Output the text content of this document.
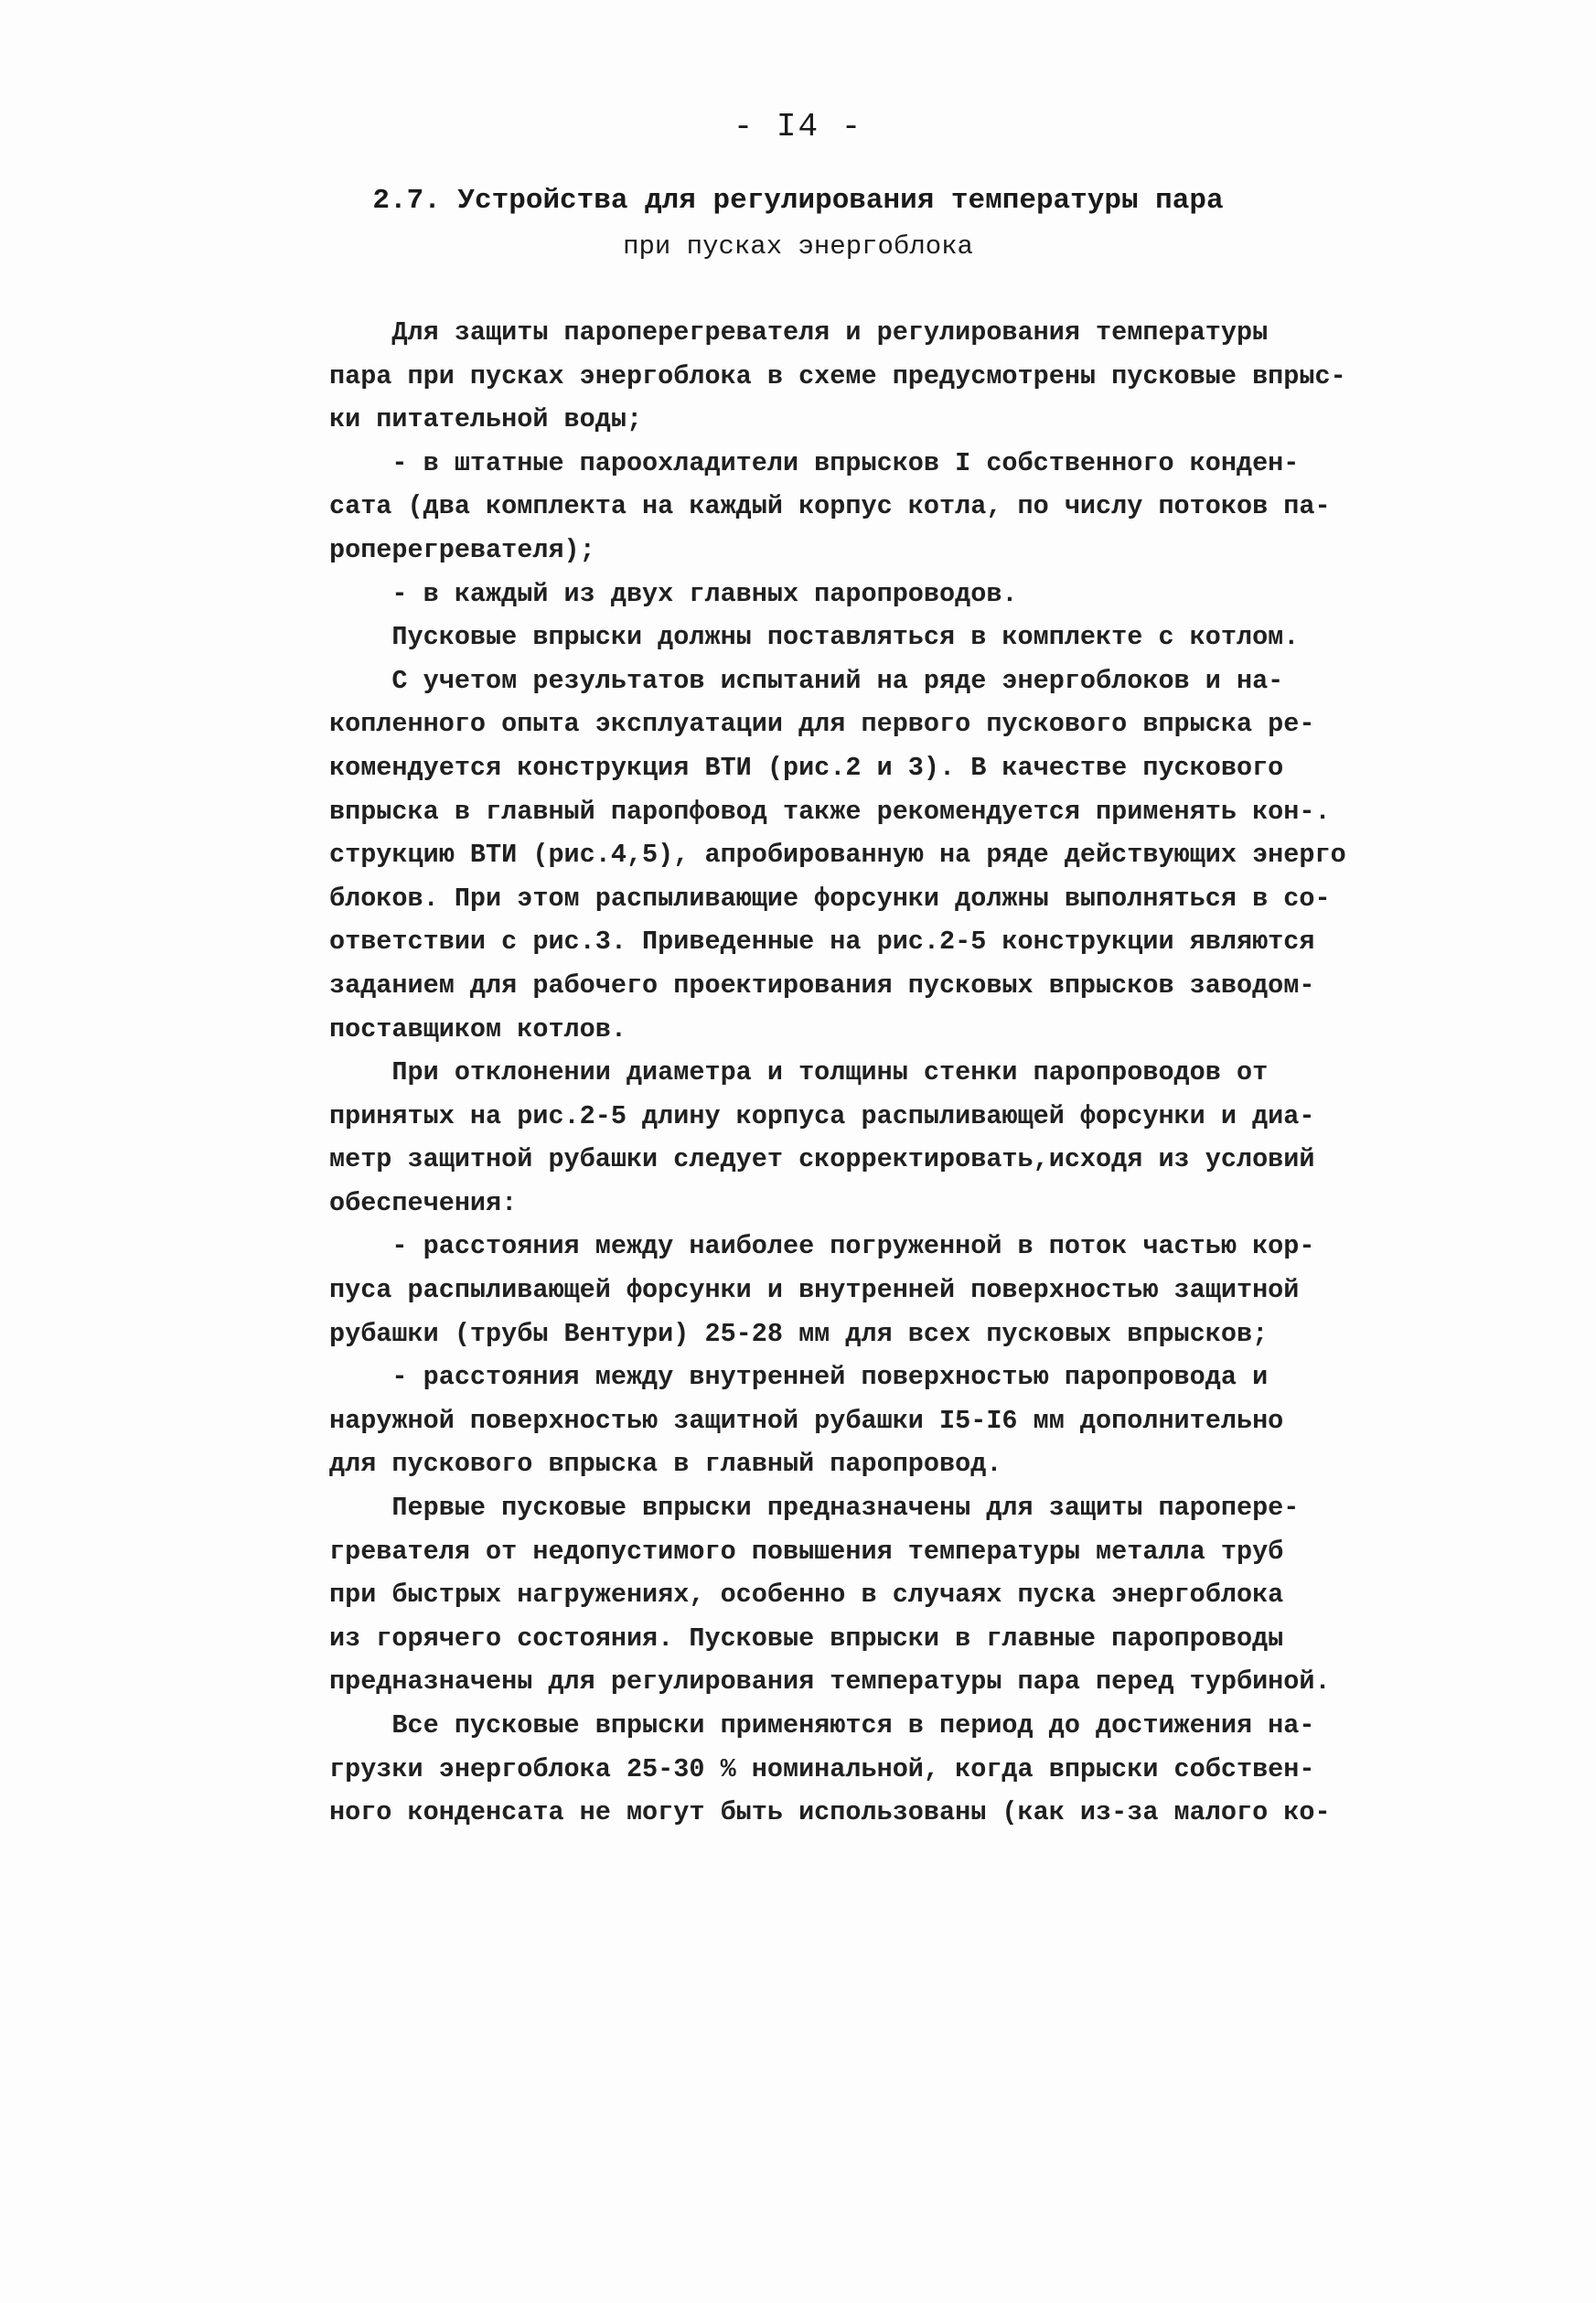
- I4 -
2.7. Устройства для регулирования температуры пара
при пусках энергоблока
Для защиты пароперегревателя и регулирования температуры
пара при пусках энергоблока в схеме предусмотрены пусковые впрыс-
ки питательной воды;
- в штатные пароохладители впрысков I собственного конден-
сата (два комплекта на каждый корпус котла, по числу потоков па-
роперегревателя);
- в каждый из двух главных паропроводов.
Пусковые впрыски должны поставляться в комплекте с котлом.
С учетом результатов испытаний на ряде энергоблоков и на-
копленного опыта эксплуатации для первого пускового впрыска ре-
комендуется конструкция ВТИ (рис.2 и 3). В качестве пускового
впрыска в главный паропфовод также рекомендуется применять кон-.
струкцию ВТИ (рис.4,5), апробированную на ряде действующих энерго
блоков. При этом распыливающие форсунки должны выполняться в со-
ответствии с рис.3. Приведенные на рис.2-5 конструкции являются
заданием для рабочего проектирования пусковых впрысков заводом-
поставщиком котлов.
При отклонении диаметра и толщины стенки паропроводов от
принятых на рис.2-5 длину корпуса распыливающей форсунки и диа-
метр защитной рубашки следует скорректировать,исходя из условий
обеспечения:
- расстояния между наиболее погруженной в поток частью кор-
пуса распыливающей форсунки и внутренней поверхностью защитной
рубашки (трубы Вентури) 25-28 мм для всех пусковых впрысков;
- расстояния между внутренней поверхностью паропровода и
наружной поверхностью защитной рубашки I5-I6 мм дополнительно
для пускового впрыска в главный паропровод.
Первые пусковые впрыски предназначены для защиты пароперe-
гревателя от недопустимого повышения температуры металла труб
при быстрых нагружениях, особенно в случаях пуска энергоблока
из горячего состояния. Пусковые впрыски в главные паропроводы
предназначены для регулирования температуры пара перед турбиной.
Все пусковые впрыски применяются в период до достижения на-
грузки энергоблока 25-30 % номинальной, когда впрыски собствен-
ного конденсата не могут быть использованы (как из-за малого ко-
